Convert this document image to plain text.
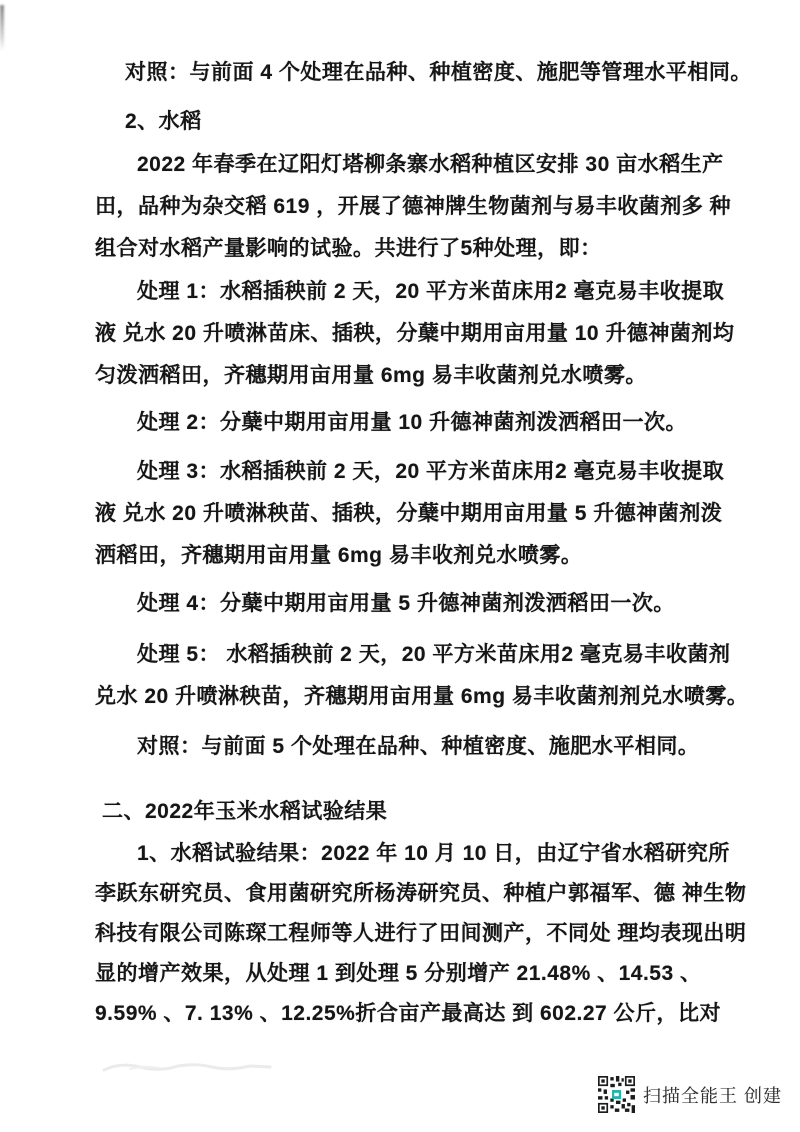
对照：与前面 4 个处理在品种、种植密度、施肥等管理水平相同。
2、水稻
2022 年春季在辽阳灯塔柳条寨水稻种植区安排 30 亩水稻生产
田，品种为杂交稻 619 ，开展了德神牌生物菌剂与易丰收菌剂多 种
组合对水稻产量影响的试验。共进行了5种处理，即：
处理 1：水稻插秧前 2 天，20 平方米苗床用2 毫克易丰收提取
液 兑水 20 升喷淋苗床、插秧，分蘖中期用亩用量 10 升德神菌剂均
匀泼洒稻田，齐穗期用亩用量 6mg 易丰收菌剂兑水喷雾。
处理 2：分蘖中期用亩用量 10 升德神菌剂泼洒稻田一次。
处理 3：水稻插秧前 2 天，20 平方米苗床用2 毫克易丰收提取
液 兑水 20 升喷淋秧苗、插秧，分蘖中期用亩用量 5 升德神菌剂泼
洒稻田，齐穗期用亩用量 6mg 易丰收剂兑水喷雾。
处理 4：分蘖中期用亩用量 5 升德神菌剂泼洒稻田一次。
处理 5： 水稻插秧前 2 天，20 平方米苗床用2 毫克易丰收菌剂
兑水 20 升喷淋秧苗，齐穗期用亩用量 6mg 易丰收菌剂剂兑水喷雾。
对照：与前面 5 个处理在品种、种植密度、施肥水平相同。
二、2022年玉米水稻试验结果
1、水稻试验结果：2022 年 10 月 10 日，由辽宁省水稻研究所
李跃东研究员、食用菌研究所杨涛研究员、种植户郭福军、德 神生物
科技有限公司陈琛工程师等人进行了田间测产，不同处 理均表现出明
显的增产效果，从处理 1 到处理 5 分别增产 21.48% 、14.53 、
9.59% 、7. 13% 、12.25%折合亩产最高达 到 602.27 公斤，比对
扫描全能王 创建
